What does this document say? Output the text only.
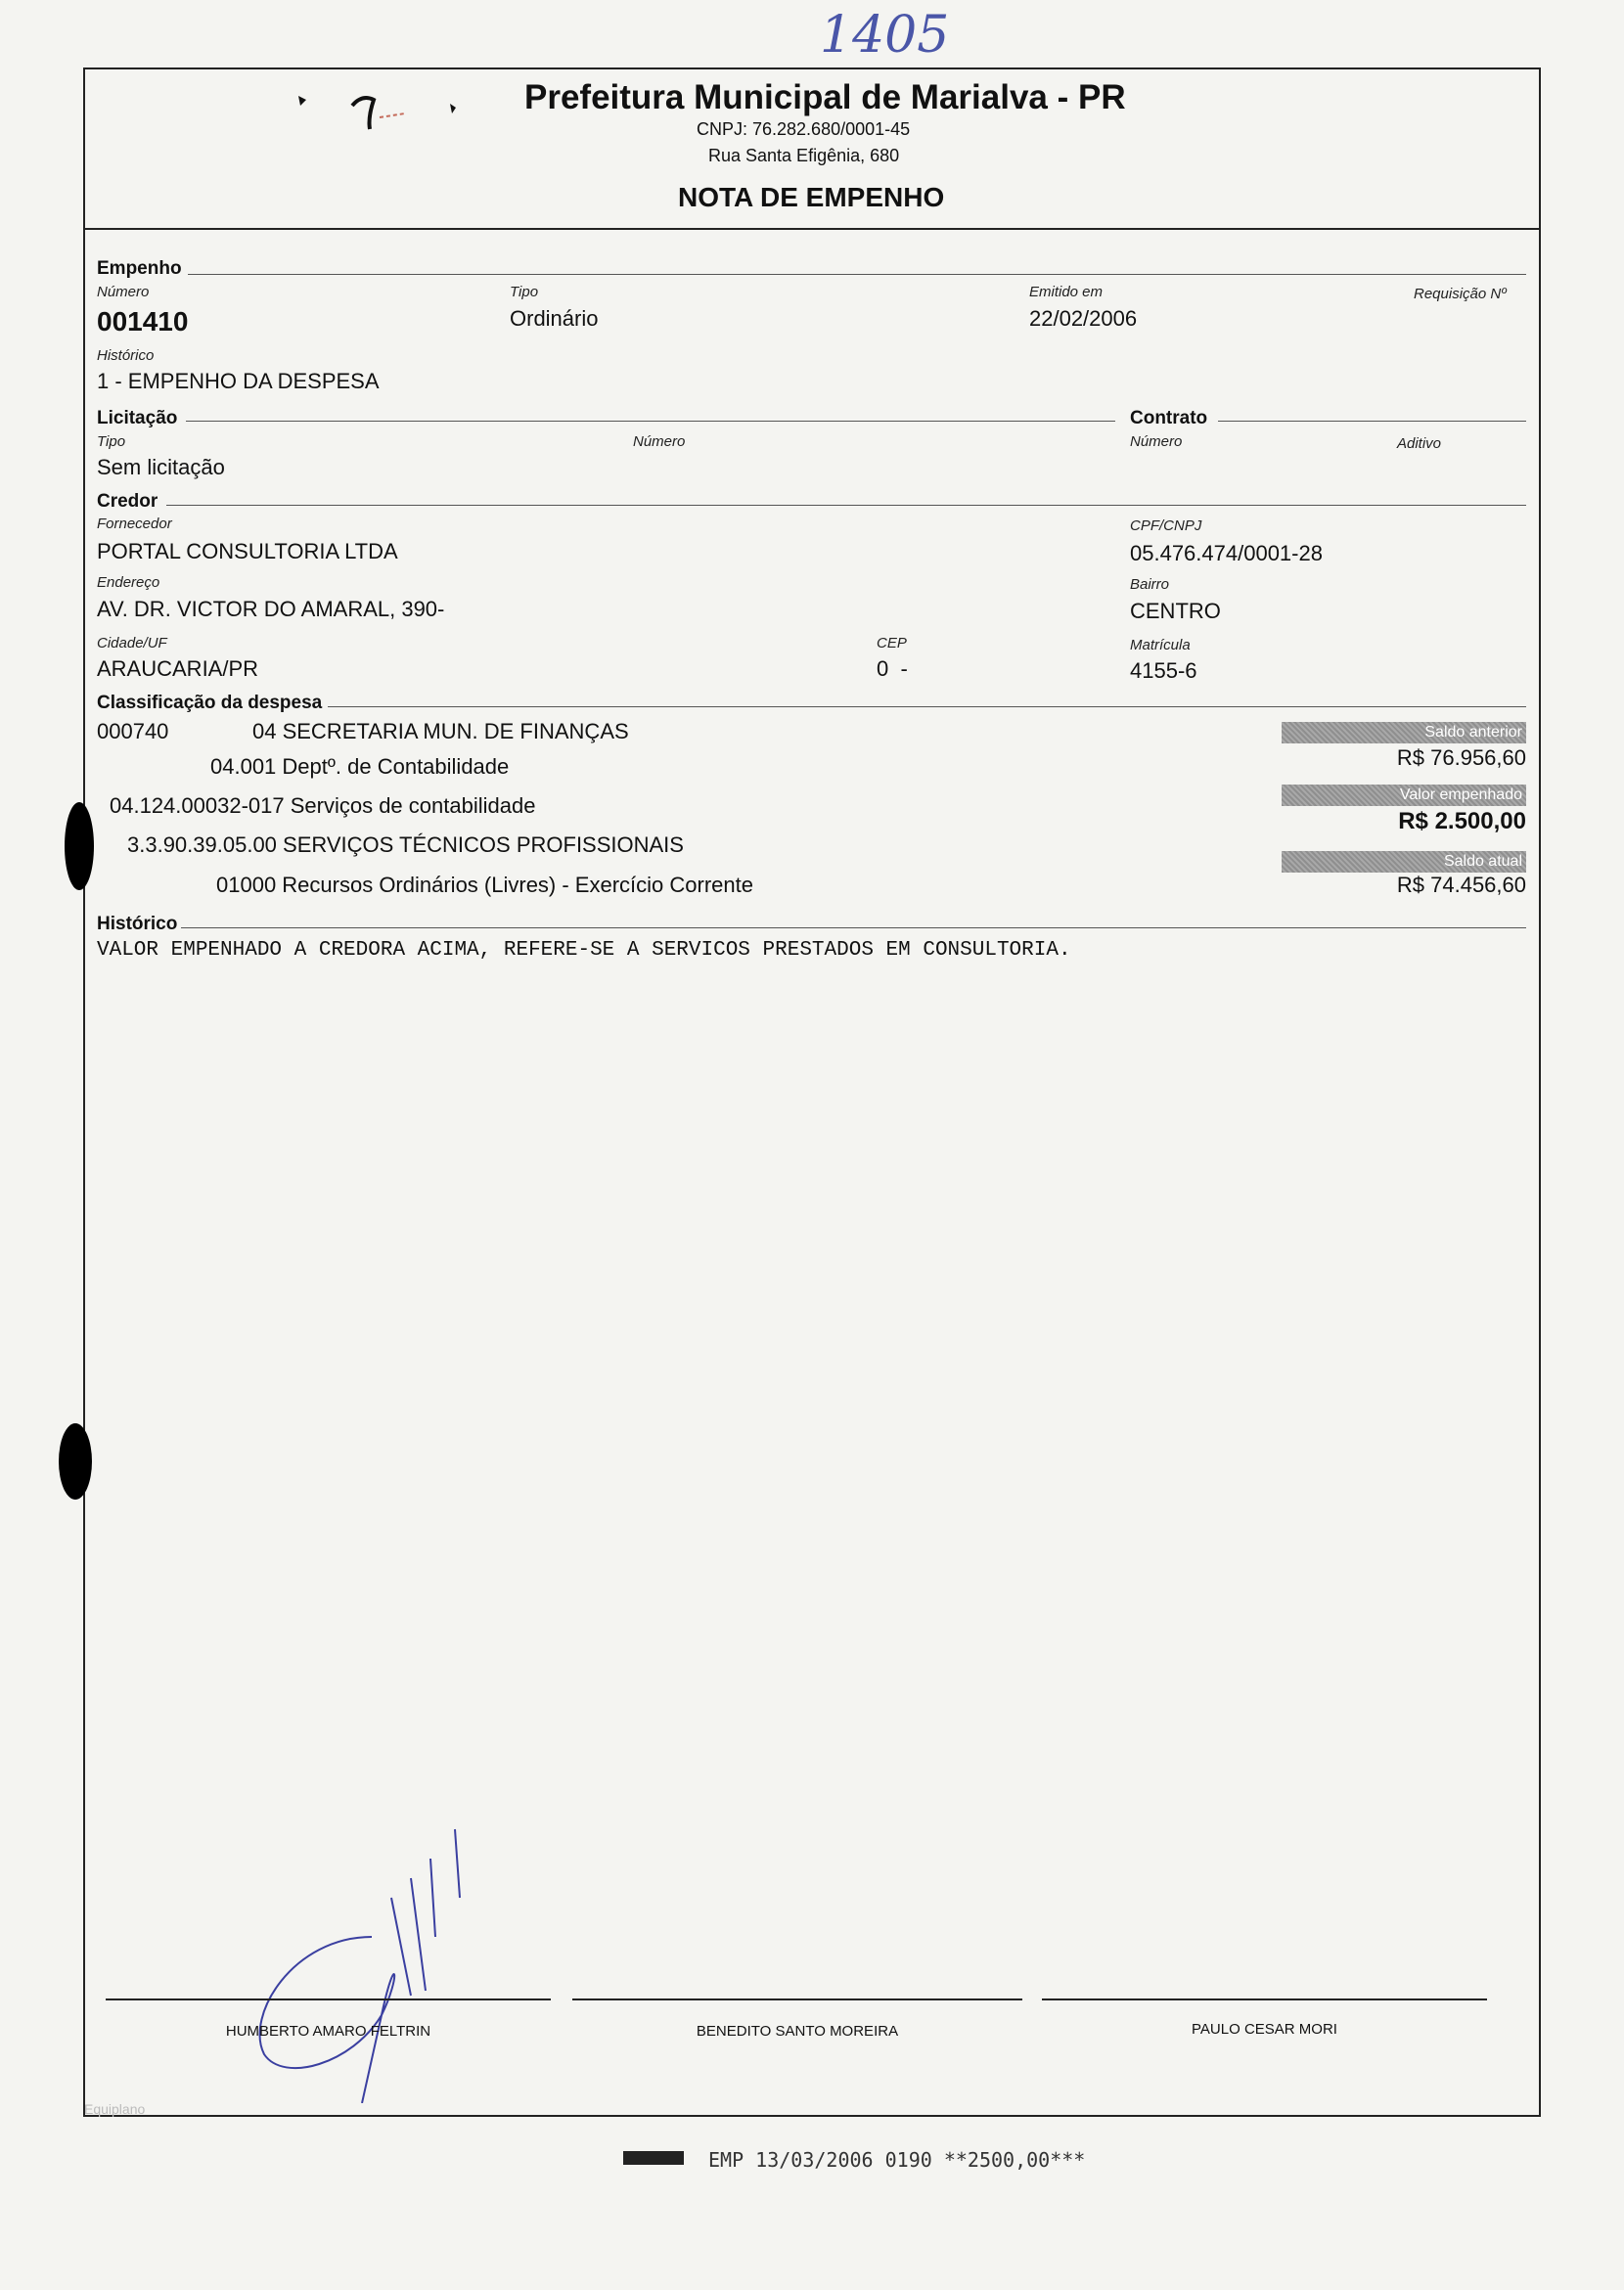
1405
Prefeitura Municipal de Marialva - PR
CNPJ: 76.282.680/0001-45
Rua Santa Efigênia, 680
NOTA DE EMPENHO
Empenho
Número
001410
Tipo
Ordinário
Emitido em
22/02/2006
Requisição Nº
Histórico
1 - EMPENHO DA DESPESA
Licitação	Contrato
Tipo
Sem licitação
Número	Número	Aditivo
Credor
Fornecedor
PORTAL CONSULTORIA LTDA
CPF/CNPJ
05.476.474/0001-28
Endereço
AV. DR. VICTOR DO AMARAL, 390-
Bairro
CENTRO
Cidade/UF
ARAUCARIA/PR
CEP
0  -
Matrícula
4155-6
Classificação da despesa
000740	04 SECRETARIA MUN. DE FINANÇAS
04.001 Deptº. de Contabilidade
04.124.00032-017 Serviços de contabilidade
3.3.90.39.05.00 SERVIÇOS TÉCNICOS PROFISSIONAIS
01000 Recursos Ordinários (Livres) - Exercício Corrente
Saldo anterior
R$ 76.956,60
Valor empenhado
R$ 2.500,00
Saldo atual
R$ 74.456,60
Histórico
VALOR EMPENHADO A CREDORA ACIMA, REFERE-SE A SERVICOS PRESTADOS EM CONSULTORIA.
HUMBERTO AMARO FELTRIN	BENEDITO SANTO MOREIRA	PAULO CESAR MORI
Equiplano
EMP 13/03/2006 0190 **2500,00***
